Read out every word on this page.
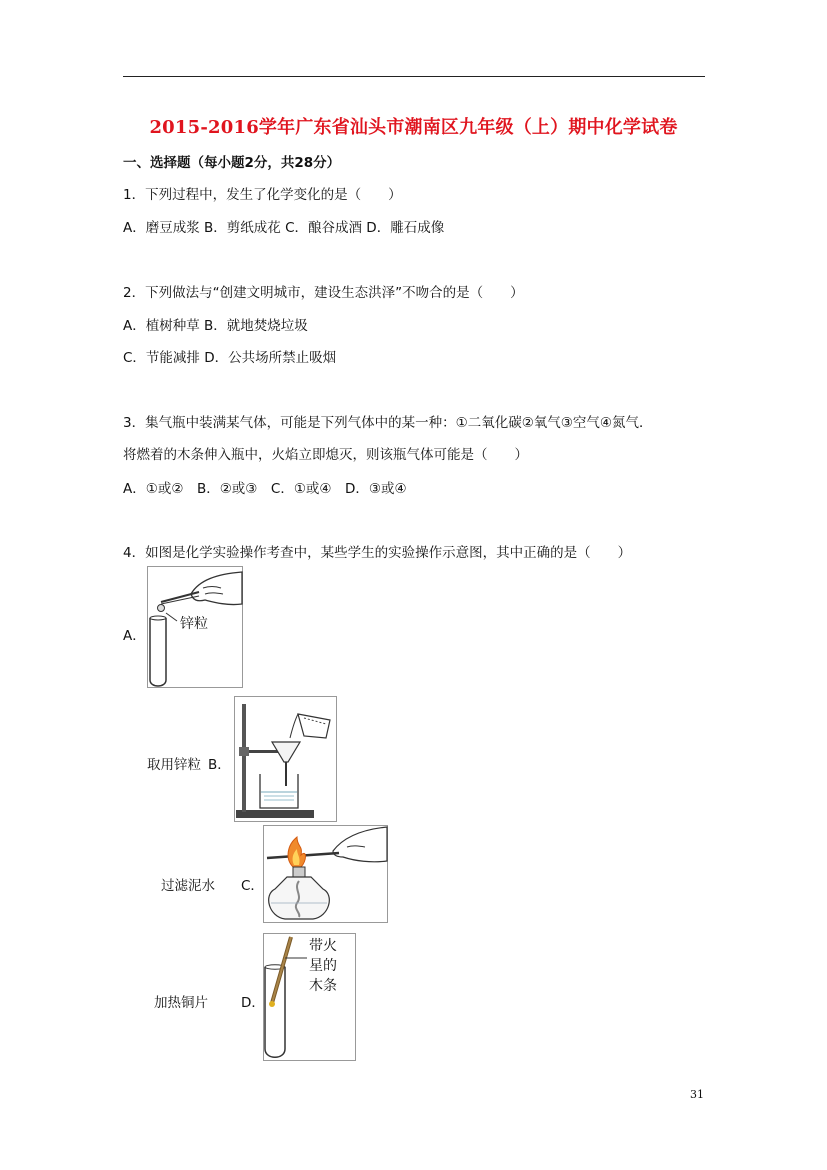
2015-2016学年广东省汕头市潮南区九年级（上）期中化学试卷
一、选择题（每小题2分，共28分）
1．下列过程中，发生了化学变化的是（　　）
A．磨豆成浆 B．剪纸成花 C．酿谷成酒 D．雕石成像
2．下列做法与“创建文明城市，建设生态洪泽”不吻合的是（　　）
A．植树种草 B．就地焚烧垃圾
C．节能减排 D．公共场所禁止吸烟
3．集气瓶中装满某气体，可能是下列气体中的某一种：①二氧化碳②氧气③空气④氮气．
将燃着的木条伸入瓶中，火焰立即熄灭，则该瓶气体可能是（　　）
A．①或②　B．②或③　C．①或④　D．③或④
4．如图是化学实验操作考查中，某些学生的实验操作示意图，其中正确的是（　　）
A．
锌粒
取用锌粒 B．
过滤泥水 C．
加热铜片 D．
带火
星的
木条
31
